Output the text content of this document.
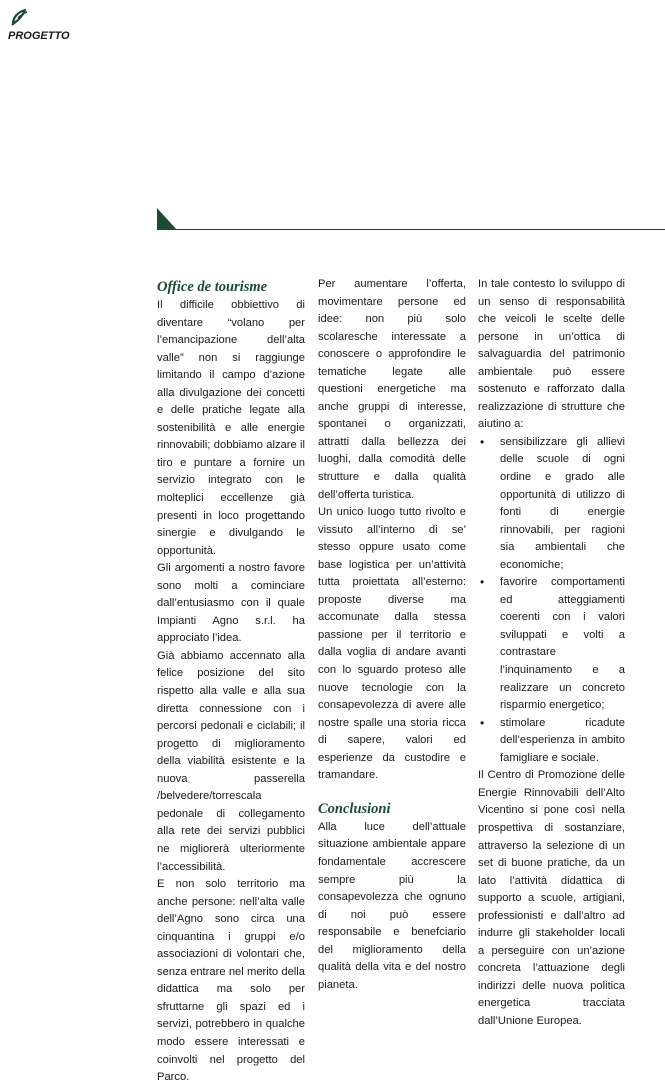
PROGETTO
Office de tourisme

Il difficile obbiettivo di diventare “volano per l’emancipazione dell’alta valle” non si raggiunge limitando il campo d’azione alla divulgazione dei concetti e delle pratiche legate alla sostenibilità e alle energie rinnovabili; dobbiamo alzare il tiro e puntare a fornire un servizio integrato con le molteplici eccellenze già presenti in loco progettando sinergie e divulgando le opportunità.

Gli argomenti a nostro favore sono molti a cominciare dall’entusiasmo con il quale Impianti Agno s.r.l. ha approciato l’idea.

Già abbiamo accennato alla felice posizione del sito rispetto alla valle e alla sua diretta connessione con i percorsi pedonali e ciclabili; il progetto di miglioramento della viabilità esistente e la nuova passerella /belvedere/torrescala pedonale di collegamento alla rete dei servizi pubblici ne migliorerà ulteriormente l’accessibilità.

E non solo territorio ma anche persone: nell’alta valle dell’Agno sono circa una cinquantina i gruppi e/o associazioni di volontari che, senza entrare nel merito della didattica ma solo per sfruttarne gli spazi ed i servizi, potrebbero in qualche modo essere interessati e coinvolti nel progetto del Parco.

Per aumentare l’offerta, movimentare persone ed idee: non più solo scolaresche interessate a conoscere o approfondire le tematiche legate alle questioni energetiche ma anche gruppi di interesse, spontanei o organizzati, attratti dalla bellezza dei luoghi, dalla comodità delle strutture e dalla qualità dell’offerta turistica.

Un unico luogo tutto rivolto e vissuto all’interno di se’ stesso oppure usato come base logistica per un’attività tutta proiettata all’esterno: proposte diverse ma accomunate dalla stessa passione per il territorio e dalla voglia di andare avanti con lo sguardo proteso alle nuove tecnologie con la consapevolezza di avere alle nostre spalle una storia ricca di sapere, valori ed esperienze da custodire e tramandare.

Conclusioni

Alla luce dell’attuale situazione ambientale appare fondamentale accrescere sempre più la consapevolezza che ognuno di noi può essere responsabile e benefciario del miglioramento della qualità della vita e del nostro pianeta.

In tale contesto lo sviluppo di un senso di responsabilità che veicoli le scelte delle persone in un’ottica di salvaguardia del patrimonio ambientale può essere sostenuto e rafforzato dalla realizzazione di strutture che aiutino a:

• sensibilizzare gli allievi delle scuole di ogni ordine e grado alle opportunità di utilizzo di fonti di energie rinnovabili, per ragioni sia ambientali che economiche;
• favorire comportamenti ed atteggiamenti coerenti con i valori sviluppati e volti a contrastare l’inquinamento e a realizzare un concreto risparmio energetico;
• stimolare ricadute dell’esperienza in ambito famigliare e sociale.

Il Centro di Promozione delle Energie Rinnovabili dell’Alto Vicentino si pone così nella prospettiva di sostanziare, attraverso la selezione di un set di buone pratiche, da un lato l’attività didattica di supporto a scuole, artigiani, professionisti e dall’altro ad indurre gli stakeholder locali a perseguire con un’azione concreta l’attuazione degli indirizzi delle nuova politica energetica tracciata dall’Unione Europea.
